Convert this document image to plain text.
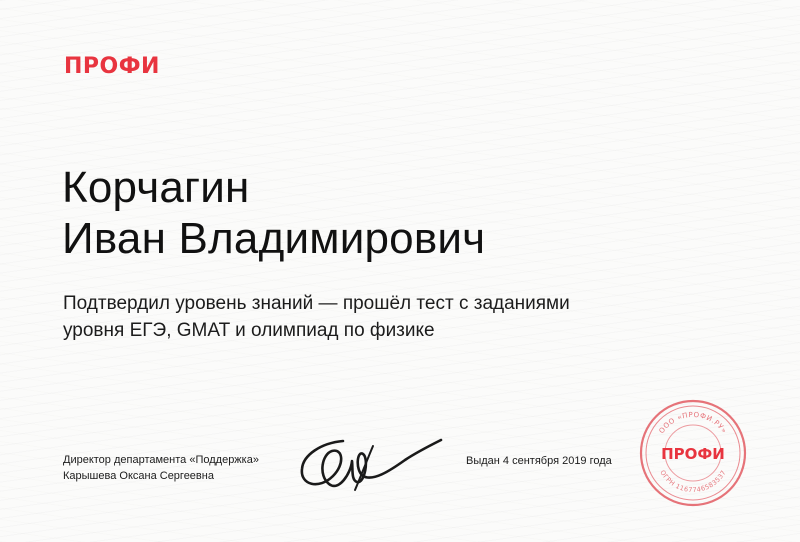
ПРОФИ
Корчагин
Иван Владимирович

Подтвердил уровень знаний — прошёл тест с заданиями
уровня ЕГЭ, GMAT и олимпиад по физике

Директор департамента «Поддержка»
Карышева Оксана Сергеевна
Выдан 4 сентября 2019 года
ООО «ПРОФИ.РУ»
ОГРН 1167746583537
ПРОФИ
